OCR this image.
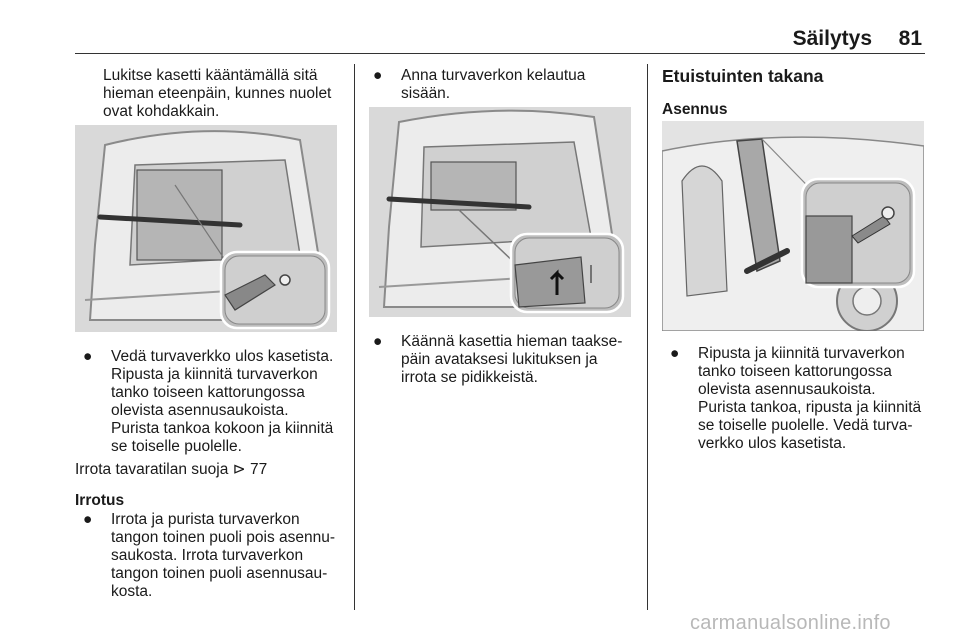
Säilytys	81
Lukitse kasetti kääntämällä sitä
hieman eteenpäin, kunnes nuolet
ovat kohdakkain.
● Vedä turvaverkko ulos kasetista.
Ripusta ja kiinnitä turvaverkon
tanko toiseen kattorungossa
olevista asennusaukoista.
Purista tankoa kokoon ja kiinnitä
se toiselle puolelle.
Irrota tavaratilan suoja ⊳ 77
Irrotus
● Irrota ja purista turvaverkon
tangon toinen puoli pois asennu-
saukosta. Irrota turvaverkon
tangon toinen puoli asennusau-
kosta.
● Anna turvaverkon kelautua
sisään.
● Käännä kasettia hieman taakse-
päin avataksesi lukituksen ja
irrota se pidikkeistä.
Etuistuinten takana
Asennus
● Ripusta ja kiinnitä turvaverkon
tanko toiseen kattorungossa
olevista asennusaukoista.
Purista tankoa, ripusta ja kiinnitä
se toiselle puolelle. Vedä turva-
verkko ulos kasetista.
carmanualsonline.info
